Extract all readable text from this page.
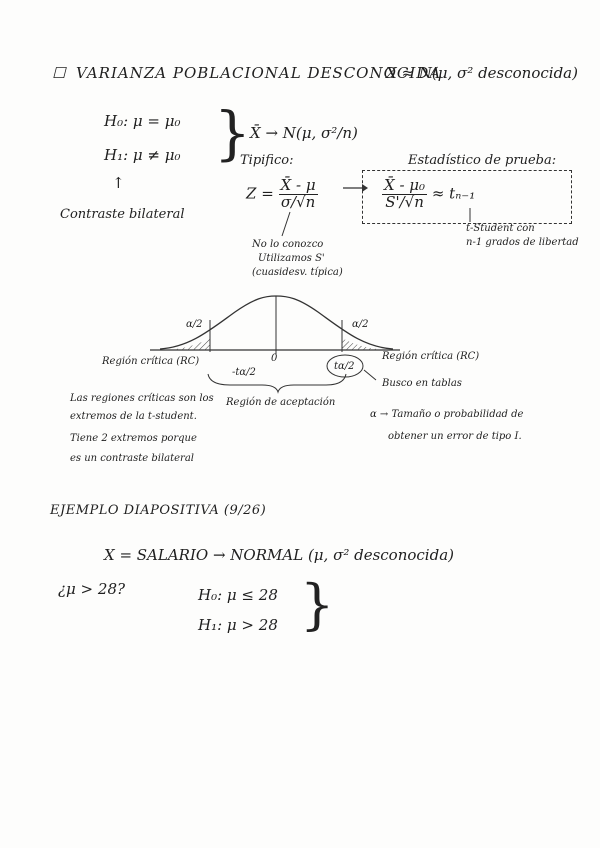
☐ VARIANZA POBLACIONAL DESCONOCIDA
X ≈ N(μ, σ² desconocida)
H₀: μ = μ₀
H₁: μ ≠ μ₀ }
↑
Contraste bilateral
X̄ → N(μ, σ²/n)
Tipifico:
$Z = \frac{X̄ - \mu}{\sigma/√n}$
No lo conozco
Utilizamos S'
(cuasidesv. típica)
Estadístico de prueba:
$\frac{\text{X̄ - μ₀}}{S'/√n} \approx t_{n-1}$
t-Student con
n-1 grados de libertad
α/2	α/2
0
-tα/2
tα/2
Región crítica (RC)	Región crítica (RC)
Región de aceptación
Busco en tablas
Las regiones críticas son los
extremos de la t-student.
Tiene 2 extremos porque
es un contraste bilateral
α → Tamaño o probabilidad de
obtener un error de tipo I.
EJEMPLO DIAPOSITIVA (9/26)
X = SALARIO → NORMAL (μ, σ² desconocida)
¿μ > 28?	H₀: μ ≤ 28
H₁: μ > 28 }
